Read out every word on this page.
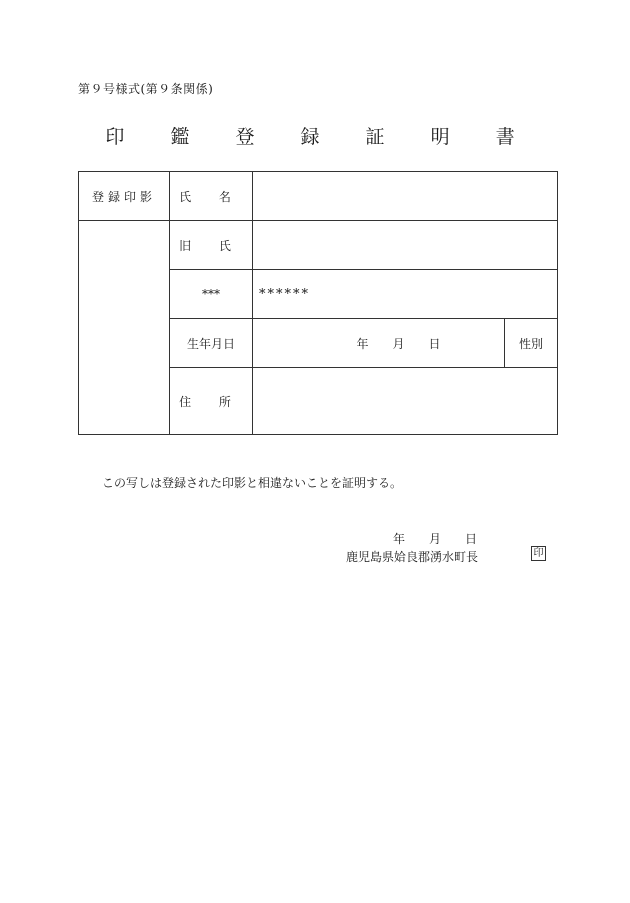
第９号様式(第９条関係)
印 鑑 登 録 証 明 書
登録印影	氏 名			
	旧 氏			
	***	******		
	生年月日	年 月 日	性別	
	住 所			
この写しは登録された印影と相違ないことを証明する。
年 月 日
鹿児島県姶良郡湧水町長	印
